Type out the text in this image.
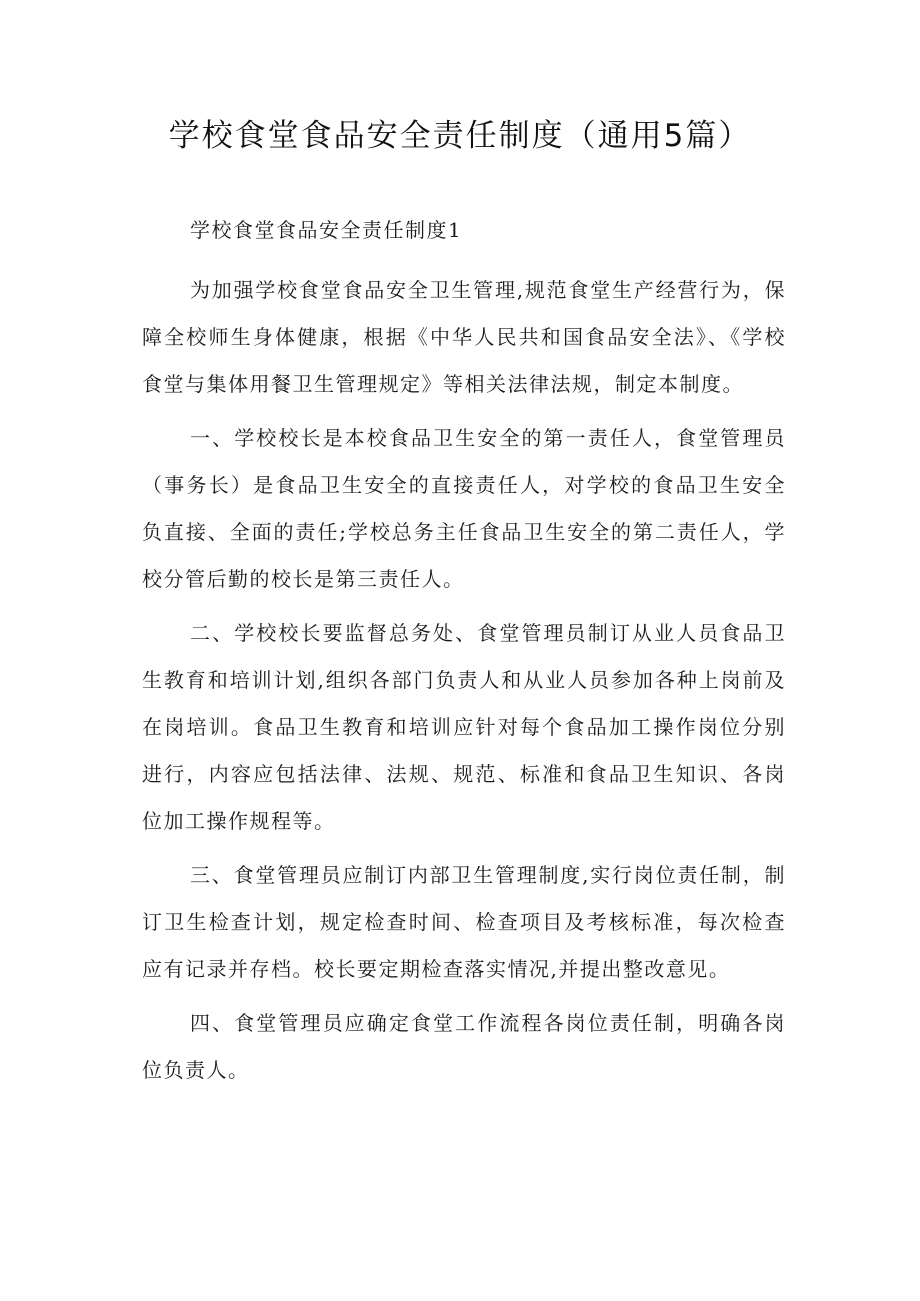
学校食堂食品安全责任制度（通用5篇）

学校食堂食品安全责任制度1

为加强学校食堂食品安全卫生管理,规范食堂生产经营行为，保障全校师生身体健康，根据《中华人民共和国食品安全法》、《学校食堂与集体用餐卫生管理规定》等相关法律法规，制定本制度。

一、学校校长是本校食品卫生安全的第一责任人，食堂管理员（事务长）是食品卫生安全的直接责任人，对学校的食品卫生安全负直接、全面的责任;学校总务主任食品卫生安全的第二责任人，学校分管后勤的校长是第三责任人。

二、学校校长要监督总务处、食堂管理员制订从业人员食品卫生教育和培训计划,组织各部门负责人和从业人员参加各种上岗前及在岗培训。食品卫生教育和培训应针对每个食品加工操作岗位分别进行，内容应包括法律、法规、规范、标准和食品卫生知识、各岗位加工操作规程等。

三、食堂管理员应制订内部卫生管理制度,实行岗位责任制，制订卫生检查计划，规定检查时间、检查项目及考核标准，每次检查应有记录并存档。校长要定期检查落实情况,并提出整改意见。

四、食堂管理员应确定食堂工作流程各岗位责任制，明确各岗位负责人。
